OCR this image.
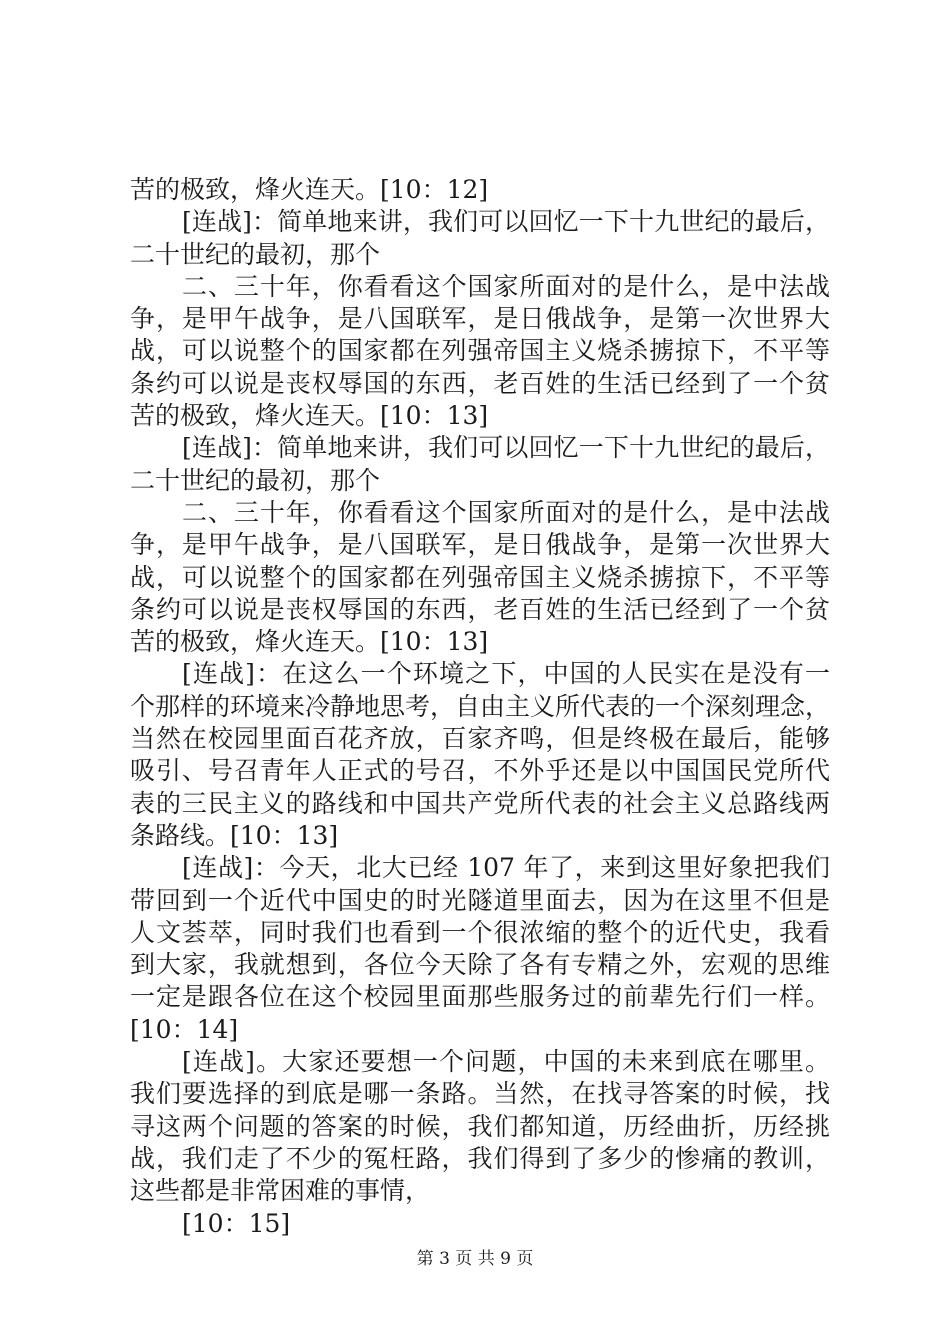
苦的极致，烽火连天。[10：12]
[连战]：简单地来讲，我们可以回忆一下十九世纪的最后，
二十世纪的最初，那个
二、三十年，你看看这个国家所面对的是什么，是中法战
争，是甲午战争，是八国联军，是日俄战争，是第一次世界大
战，可以说整个的国家都在列强帝国主义烧杀掳掠下，不平等
条约可以说是丧权辱国的东西，老百姓的生活已经到了一个贫
苦的极致，烽火连天。[10：13]
[连战]：简单地来讲，我们可以回忆一下十九世纪的最后，
二十世纪的最初，那个
二、三十年，你看看这个国家所面对的是什么，是中法战
争，是甲午战争，是八国联军，是日俄战争，是第一次世界大
战，可以说整个的国家都在列强帝国主义烧杀掳掠下，不平等
条约可以说是丧权辱国的东西，老百姓的生活已经到了一个贫
苦的极致，烽火连天。[10：13]
[连战]：在这么一个环境之下，中国的人民实在是没有一
个那样的环境来冷静地思考，自由主义所代表的一个深刻理念，
当然在校园里面百花齐放，百家齐鸣，但是终极在最后，能够
吸引、号召青年人正式的号召，不外乎还是以中国国民党所代
表的三民主义的路线和中国共产党所代表的社会主义总路线两
条路线。[10：13]
[连战]：今天，北大已经 107 年了，来到这里好象把我们
带回到一个近代中国史的时光隧道里面去，因为在这里不但是
人文荟萃，同时我们也看到一个很浓缩的整个的近代史，我看
到大家，我就想到，各位今天除了各有专精之外，宏观的思维
一定是跟各位在这个校园里面那些服务过的前辈先行们一样。
[10：14]
[连战]。大家还要想一个问题，中国的未来到底在哪里。
我们要选择的到底是哪一条路。当然，在找寻答案的时候，找
寻这两个问题的答案的时候，我们都知道，历经曲折，历经挑
战，我们走了不少的冤枉路，我们得到了多少的惨痛的教训，
这些都是非常困难的事情，
[10：15]
第 3 页 共 9 页
